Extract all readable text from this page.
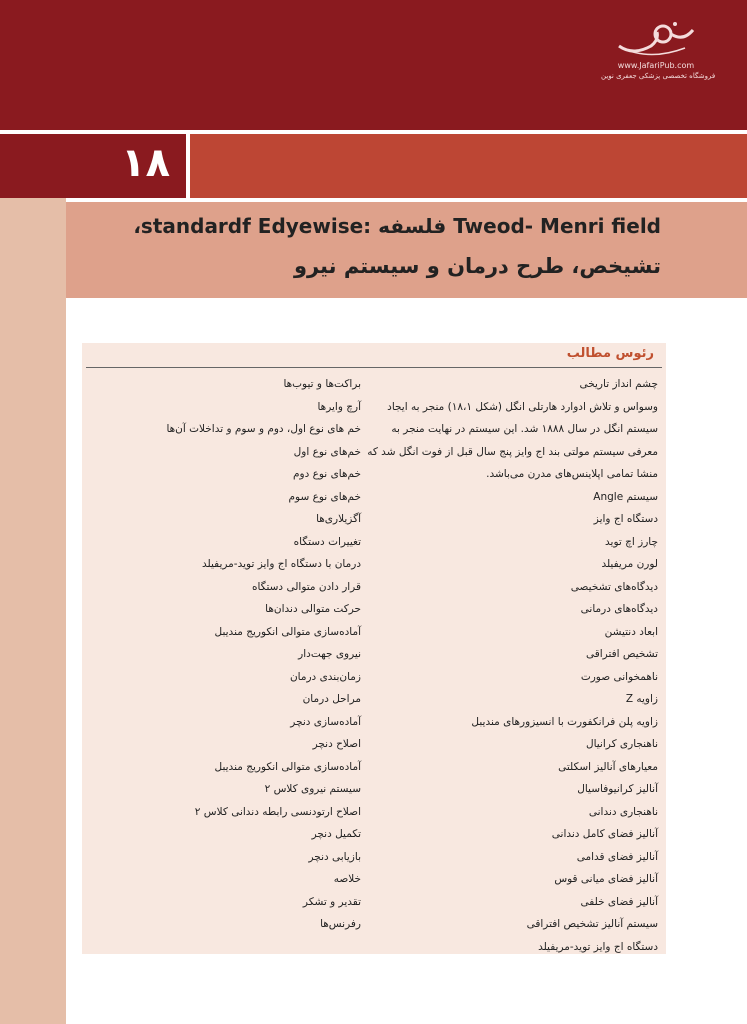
www.JafariPub.com
فروشگاه تخصصی پزشکی جعفری نوین
۱۸
Tweod- Menri field فلسفه :standardf Edyewise،
تشیخص، طرح درمان و سیستم نیرو
رئوس مطالب
چشم انداز تاریخی
وسواس و تلاش ادوارد هارتلی انگل (شکل ۱۸،۱) منجر به ایجاد سیستم انگل در سال ۱۸۸۸ شد. این سیستم در نهایت منجر به معرفی سیستم مولتی بند اج وایز پنج سال قبل از فوت انگل شد که منشا تمامی اپلاینس‌های مدرن می‌باشد.
سیستم Angle
دستگاه اج وایز
چارز اچ توید
لورن مریفیلد
دیدگاه‌های تشخیصی
دیدگاه‌های درمانی
ابعاد دنتیشن
تشخیص افتراقی
ناهمخوانی صورت
زاویه Z
زاویه پلن فرانکفورت با انسیزورهای مندیبل
ناهنجاری کرانیال
معیارهای آنالیز اسکلتی
آنالیز کرانیوفاسیال
ناهنجاری دندانی
آنالیز فضای کامل دندانی
آنالیز فضای قدامی
آنالیز فضای میانی قوس
آنالیز فضای خلفی
سیستم آنالیز تشخیص افتراقی
دستگاه اج وایز توید-مریفیلد
براکت‌ها و تیوب‌ها
آرچ وایرها
خم های نوع اول، دوم و سوم و تداخلات آن‌ها
خم‌های نوع اول
خم‌های نوع دوم
خم‌های نوع سوم
آگزیلاری‌ها
تغییرات دستگاه
درمان با دستگاه اج وایز توید-مریفیلد
قرار دادن متوالی دستگاه
حرکت متوالی دندان‌ها
آماده‌سازی متوالی انکوریج مندیبل
نیروی جهت‌دار
زمان‌بندی درمان
مراحل درمان
آماده‌سازی دنچر
اصلاح دنچر
آماده‌سازی متوالی انکوریج مندیبل
سیستم نیروی کلاس ۲
اصلاح ارتودنسی رابطه دندانی کلاس ۲
تکمیل دنچر
بازیابی دنچر
خلاصه
تقدیر و تشکر
رفرنس‌ها
